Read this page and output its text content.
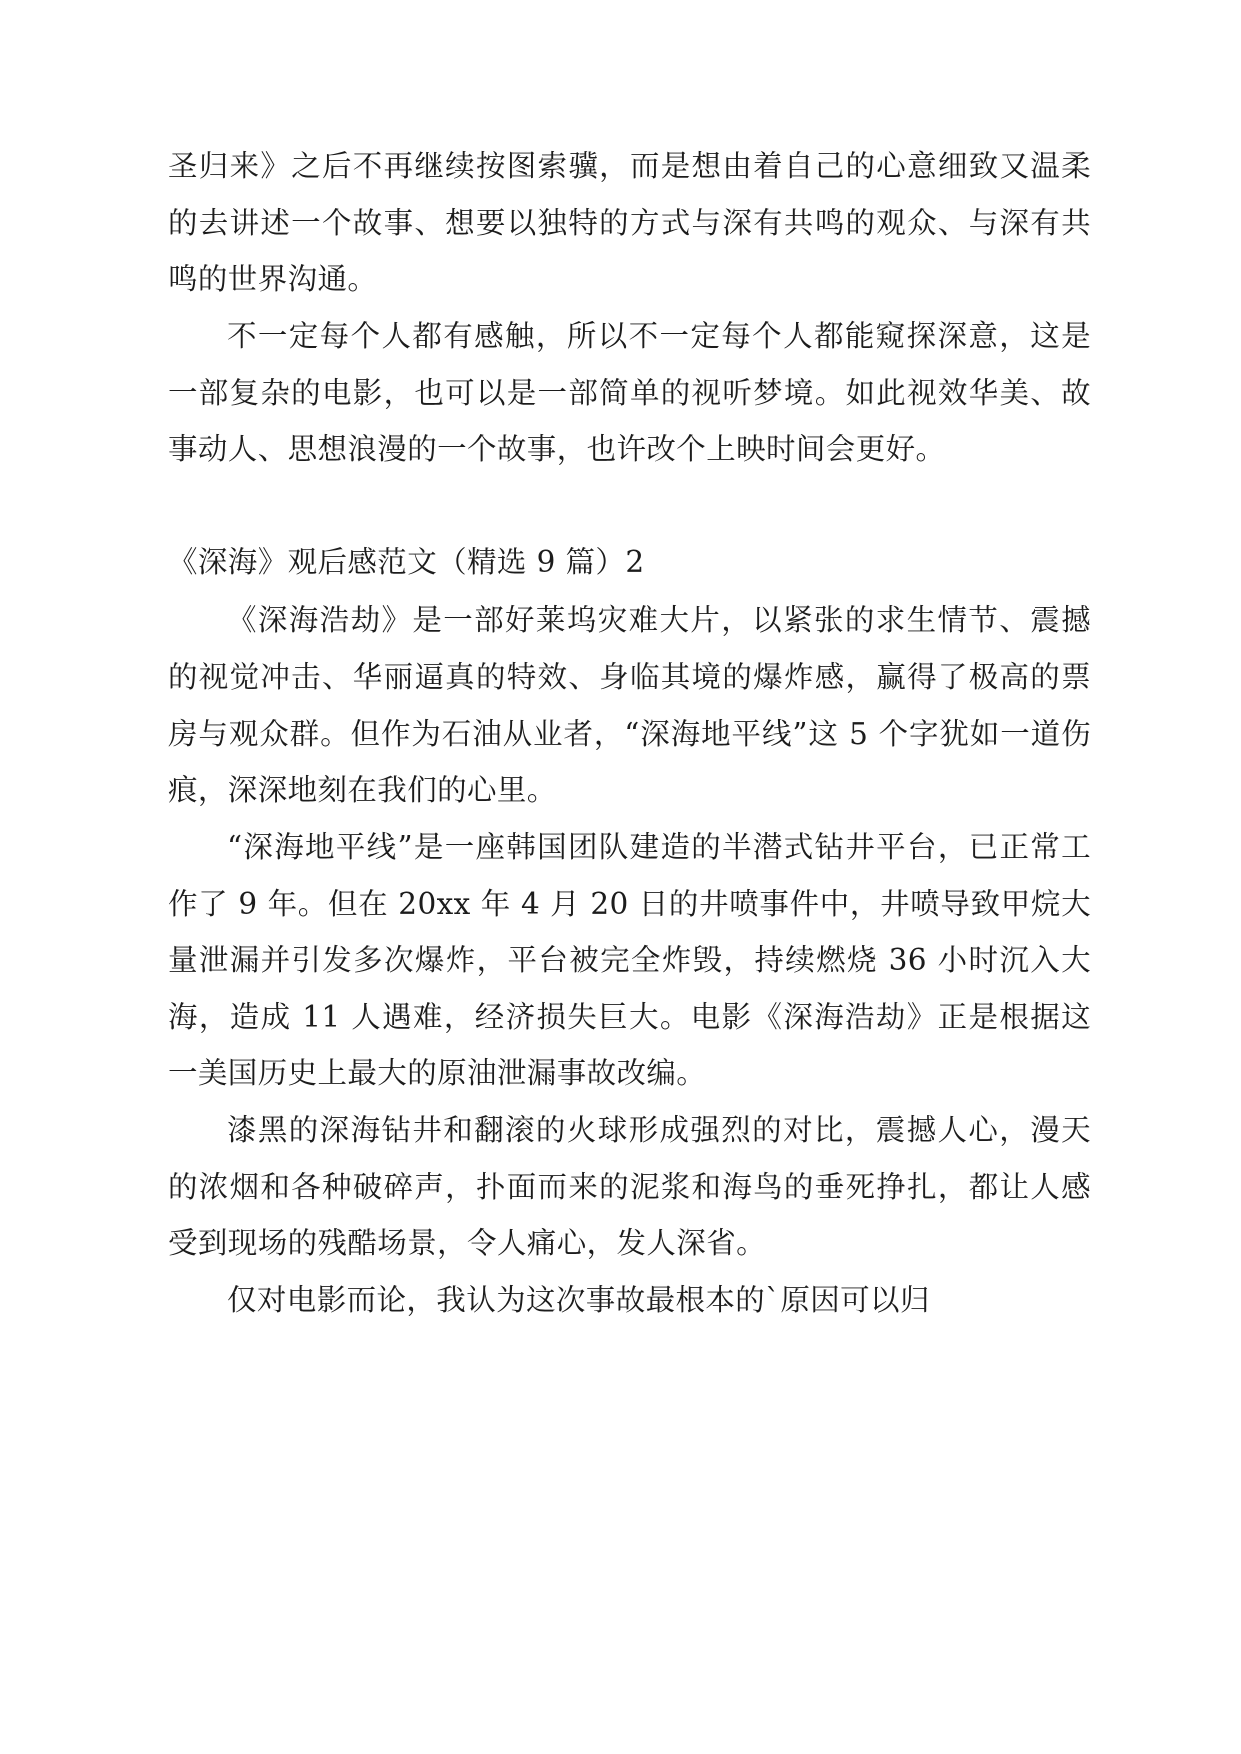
圣归来》之后不再继续按图索骥，而是想由着自己的心意细致又温柔的去讲述一个故事、想要以独特的方式与深有共鸣的观众、与深有共鸣的世界沟通。

不一定每个人都有感触，所以不一定每个人都能窥探深意，这是一部复杂的电影，也可以是一部简单的视听梦境。如此视效华美、故事动人、思想浪漫的一个故事，也许改个上映时间会更好。

《深海》观后感范文（精选 9 篇）2

《深海浩劫》是一部好莱坞灾难大片，以紧张的求生情节、震撼的视觉冲击、华丽逼真的特效、身临其境的爆炸感，赢得了极高的票房与观众群。但作为石油从业者，“深海地平线”这 5 个字犹如一道伤痕，深深地刻在我们的心里。

“深海地平线”是一座韩国团队建造的半潜式钻井平台，已正常工作了 9 年。但在 20xx 年 4 月 20 日的井喷事件中，井喷导致甲烷大量泄漏并引发多次爆炸，平台被完全炸毁，持续燃烧 36 小时沉入大海，造成 11 人遇难，经济损失巨大。电影《深海浩劫》正是根据这一美国历史上最大的原油泄漏事故改编。

漆黑的深海钻井和翻滚的火球形成强烈的对比，震撼人心，漫天的浓烟和各种破碎声，扑面而来的泥浆和海鸟的垂死挣扎，都让人感受到现场的残酷场景，令人痛心，发人深省。

仅对电影而论，我认为这次事故最根本的`原因可以归
